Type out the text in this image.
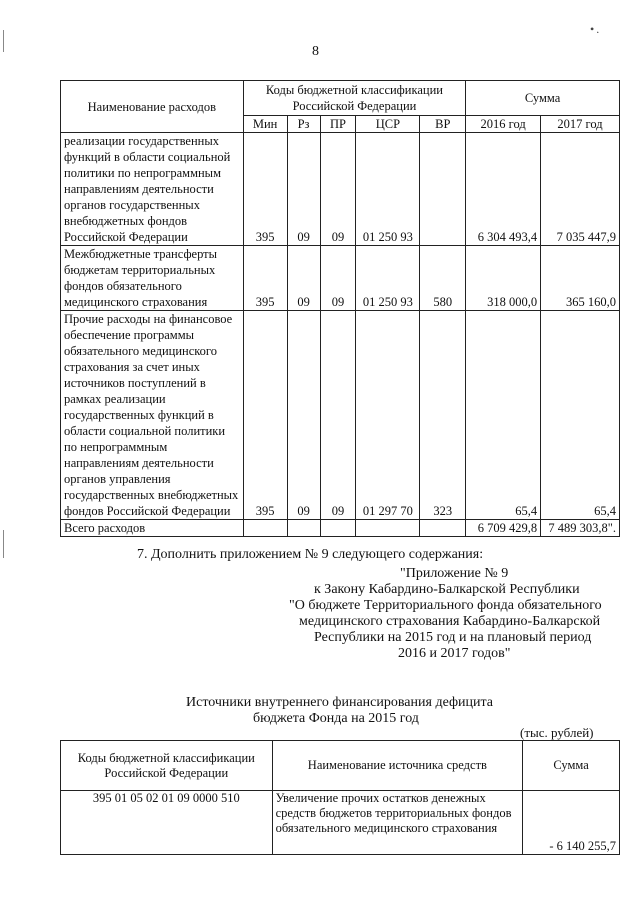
•.
8
Наименование расходов	Коды бюджетной классификации Российской Федерации					Сумма	
	Мин	Рз	ПР	ЦСР	ВР	2016 год	2017 год
реализации государственных функций в области социальной политики по непрограммным направлениям деятельности органов государственных внебюджетных фондов Российской Федерации	395	09	09	01 250 93		6 304 493,4	7 035 447,9
Межбюджетные трансферты бюджетам территориальных фондов обязательного медицинского страхования	395	09	09	01 250 93	580	318 000,0	365 160,0
Прочие расходы на финансовое обеспечение программы обязательного медицинского страхования за счет иных источников поступлений в рамках реализации государственных функций в области социальной политики по непрограммным направлениям деятельности органов управления государственных внебюджетных фондов Российской Федерации	395	09	09	01 297 70	323	65,4	65,4
Всего расходов						6 709 429,8	7 489 303,8".
7. Дополнить приложением № 9 следующего содержания:
"Приложение № 9
к Закону Кабардино-Балкарской Республики
"О бюджете Территориального фонда обязательного
медицинского страхования Кабардино-Балкарской
Республики на 2015 год и на плановый период
2016 и 2017 годов"
Источники внутреннего финансирования дефицита
бюджета Фонда на 2015 год
(тыс. рублей)
Коды бюджетной классификации Российской Федерации	Наименование источника средств	Сумма
395 01 05 02 01 09 0000 510	Увеличение прочих остатков денежных средств бюджетов территориальных фондов обязательного медицинского страхования	- 6 140 255,7
